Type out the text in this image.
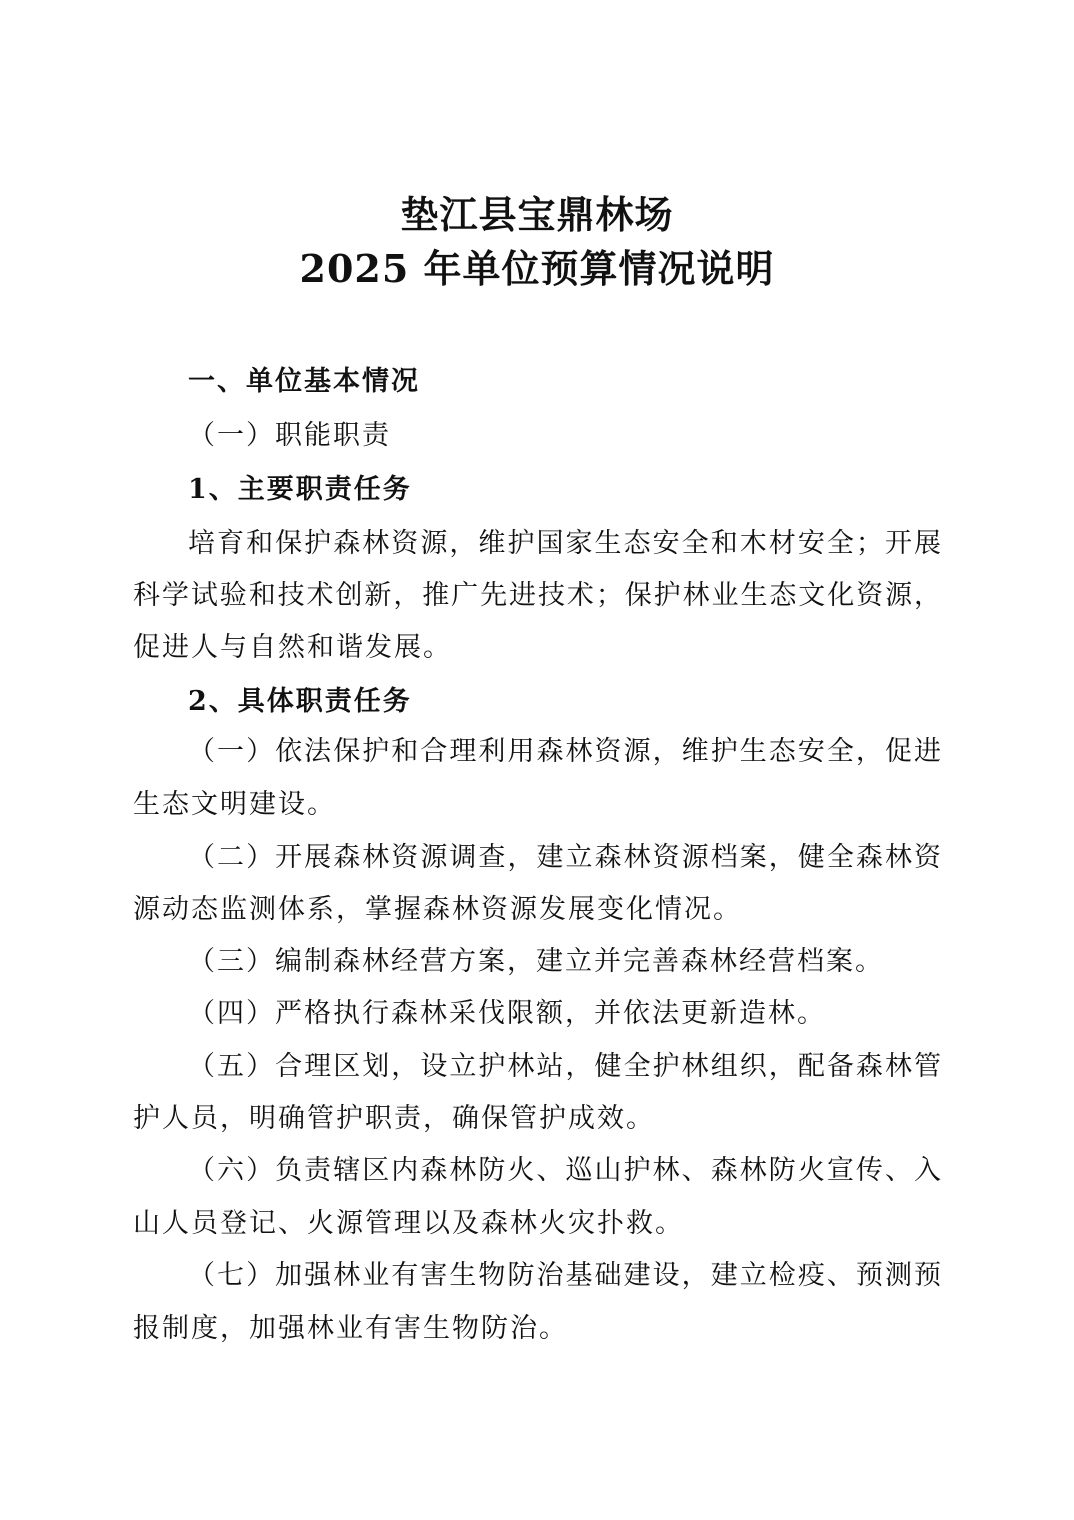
垫江县宝鼎林场
2025 年单位预算情况说明
一、单位基本情况
（一）职能职责
1、主要职责任务
培育和保护森林资源，维护国家生态安全和木材安全；开展
科学试验和技术创新，推广先进技术；保护林业生态文化资源，
促进人与自然和谐发展。
2、具体职责任务
（一）依法保护和合理利用森林资源，维护生态安全，促进
生态文明建设。
（二）开展森林资源调查，建立森林资源档案，健全森林资
源动态监测体系，掌握森林资源发展变化情况。
（三）编制森林经营方案，建立并完善森林经营档案。
（四）严格执行森林采伐限额，并依法更新造林。
（五）合理区划，设立护林站，健全护林组织，配备森林管
护人员，明确管护职责，确保管护成效。
（六）负责辖区内森林防火、巡山护林、森林防火宣传、入
山人员登记、火源管理以及森林火灾扑救。
（七）加强林业有害生物防治基础建设，建立检疫、预测预
报制度，加强林业有害生物防治。
